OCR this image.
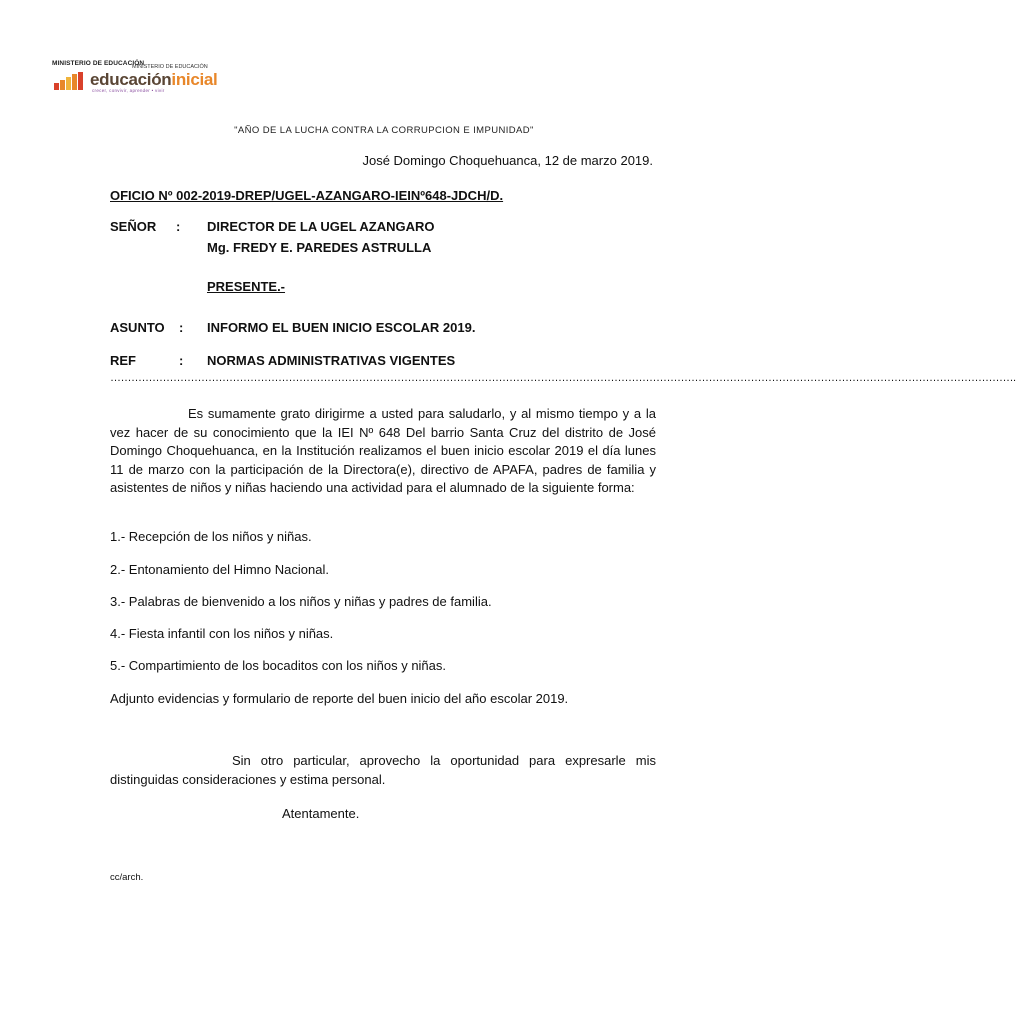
MINISTERIO DE EDUCACIÓN
MINISTERIO DE EDUCACIÓN
educacióninicial
crecer, convivir, aprender • vivir
"AÑO DE LA LUCHA CONTRA LA CORRUPCION E IMPUNIDAD"
José Domingo Choquehuanca, 12 de marzo 2019.
OFICIO Nº 002-2019-DREP/UGEL-AZANGARO-IEINº648-JDCH/D.
SEÑOR : DIRECTOR DE LA UGEL AZANGARO
Mg. FREDY E. PAREDES ASTRULLA
PRESENTE.-
ASUNTO : INFORMO EL BUEN INICIO ESCOLAR 2019.
REF	: NORMAS ADMINISTRATIVAS VIGENTES
…………………………………………………………………………………………………………………………………………………………………………………………………………………………………….

Es sumamente grato dirigirme a usted para saludarlo, y al mismo tiempo y a la vez hacer de su conocimiento que la IEI Nº 648 Del barrio Santa Cruz del distrito de José Domingo Choquehuanca, en la Institución realizamos el buen inicio escolar 2019 el día lunes 11 de marzo con la participación de la Directora(e), directivo de APAFA, padres de familia y asistentes de niños y niñas haciendo una actividad para el alumnado de la siguiente forma:

1.- Recepción de los niños y niñas.
2.- Entonamiento del Himno Nacional.
3.- Palabras de bienvenido a los niños y niñas y padres de familia.
4.- Fiesta infantil con los niños y niñas.
5.- Compartimiento de los bocaditos con los niños y niñas.
Adjunto evidencias y formulario de reporte del buen inicio del año escolar 2019.

Sin otro particular, aprovecho la oportunidad para expresarle mis distinguidas consideraciones y estima personal.

Atentamente.
cc/arch.
